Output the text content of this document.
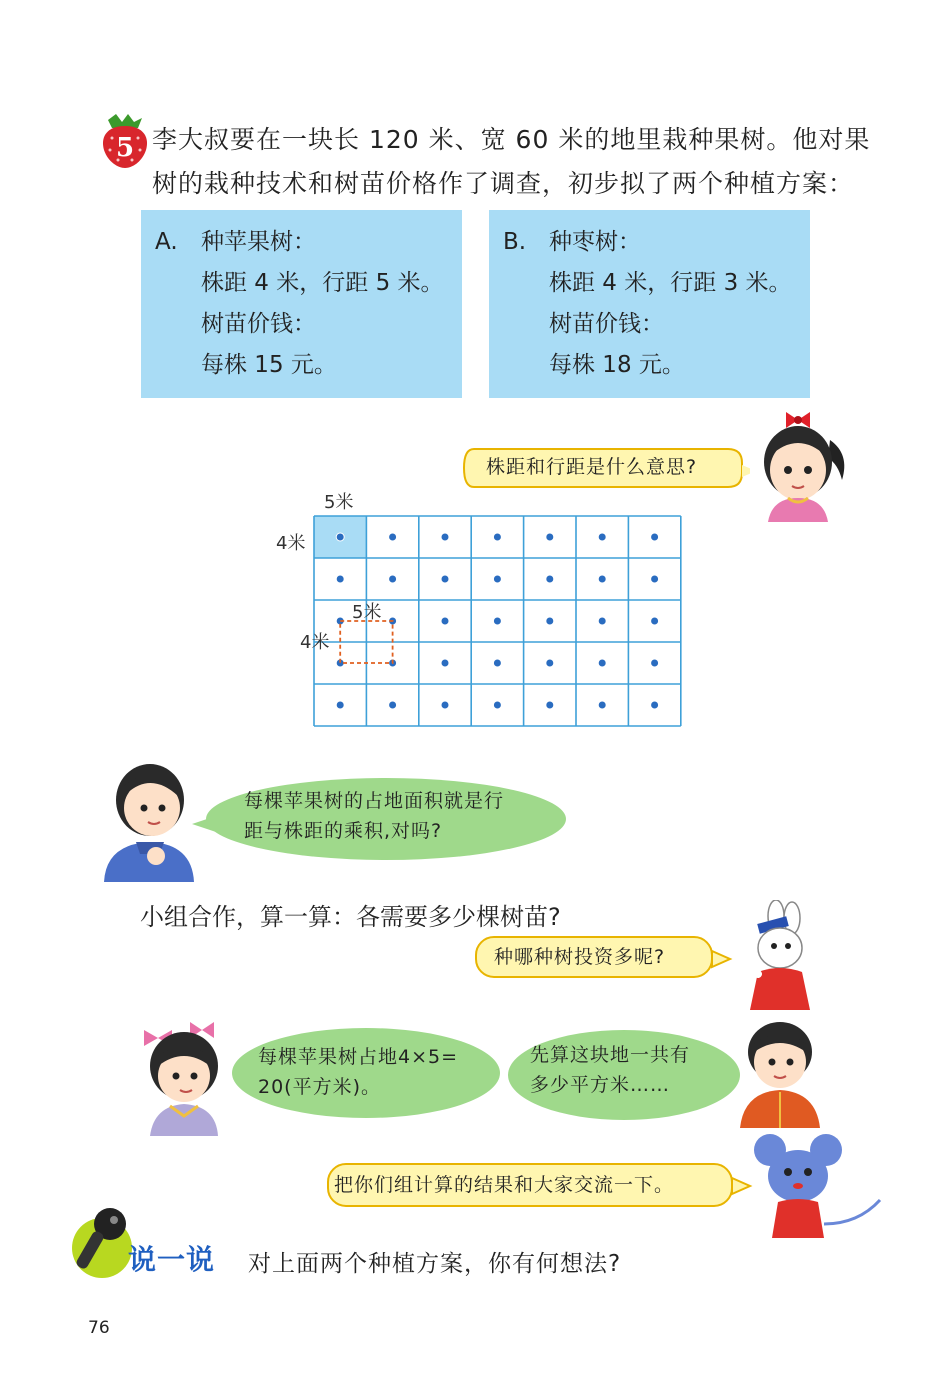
5 李大叔要在一块长 120 米、宽 60 米的地里栽种果树。他对果
树的栽种技术和树苗价格作了调查，初步拟了两个种植方案：
A. 种苹果树：
株距 4 米，行距 5 米。
树苗价钱：
每株 15 元。
B. 种枣树：
株距 4 米，行距 3 米。
树苗价钱：
每株 18 元。
株距和行距是什么意思?
5米
4米
5米
4米
每棵苹果树的占地面积就是行
距与株距的乘积,对吗?
小组合作，算一算：各需要多少棵树苗?
种哪种树投资多呢?
每棵苹果树占地4×5=
20(平方米)。
先算这块地一共有
多少平方米……
把你们组计算的结果和大家交流一下。
说一说 对上面两个种植方案，你有何想法?
76
